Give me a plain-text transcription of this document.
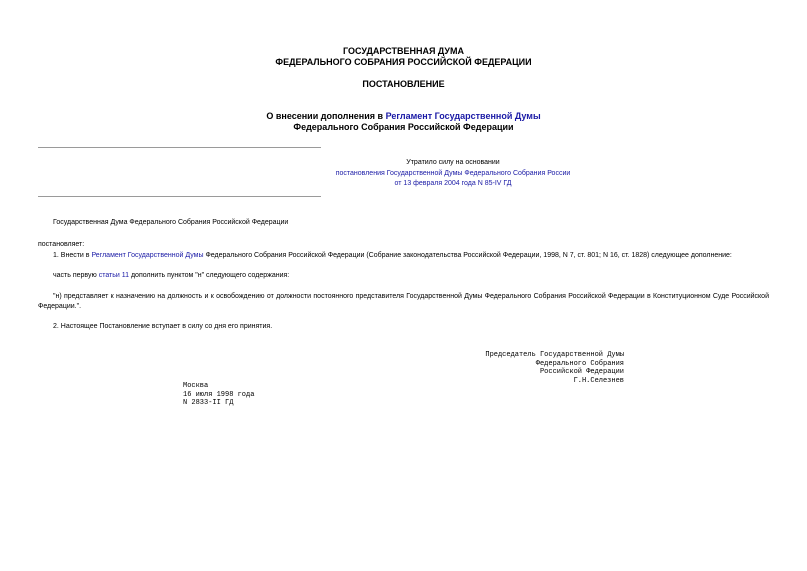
ГОСУДАРСТВЕННАЯ ДУМА
ФЕДЕРАЛЬНОГО СОБРАНИЯ РОССИЙСКОЙ ФЕДЕРАЦИИ
ПОСТАНОВЛЕНИЕ
О внесении дополнения в Регламент Государственной Думы
Федерального Собрания Российской Федерации
Утратило силу на основании
постановления Государственной Думы Федерального Собрания России
от 13 февраля 2004 года N 85-IV ГД
Государственная Дума Федерального Собрания Российской Федерации
постановляет:
1. Внести в Регламент Государственной Думы Федерального Собрания Российской Федерации (Собрание законодательства Российской Федерации, 1998, N 7, ст. 801; N 16, ст. 1828) следующее дополнение:
часть первую статьи 11 дополнить пунктом "н" следующего содержания:
"н) представляет к назначению на должность и к освобождению от должности постоянного представителя Государственной Думы Федерального Собрания Российской Федерации в Конституционном Суде Российской Федерации.".
2. Настоящее Постановление вступает в силу со дня его принятия.
Председатель Государственной Думы
Федерального Собрания
Российской Федерации
Г.Н.Селезнев
Москва
16 июля 1998 года
N 2833-II ГД
